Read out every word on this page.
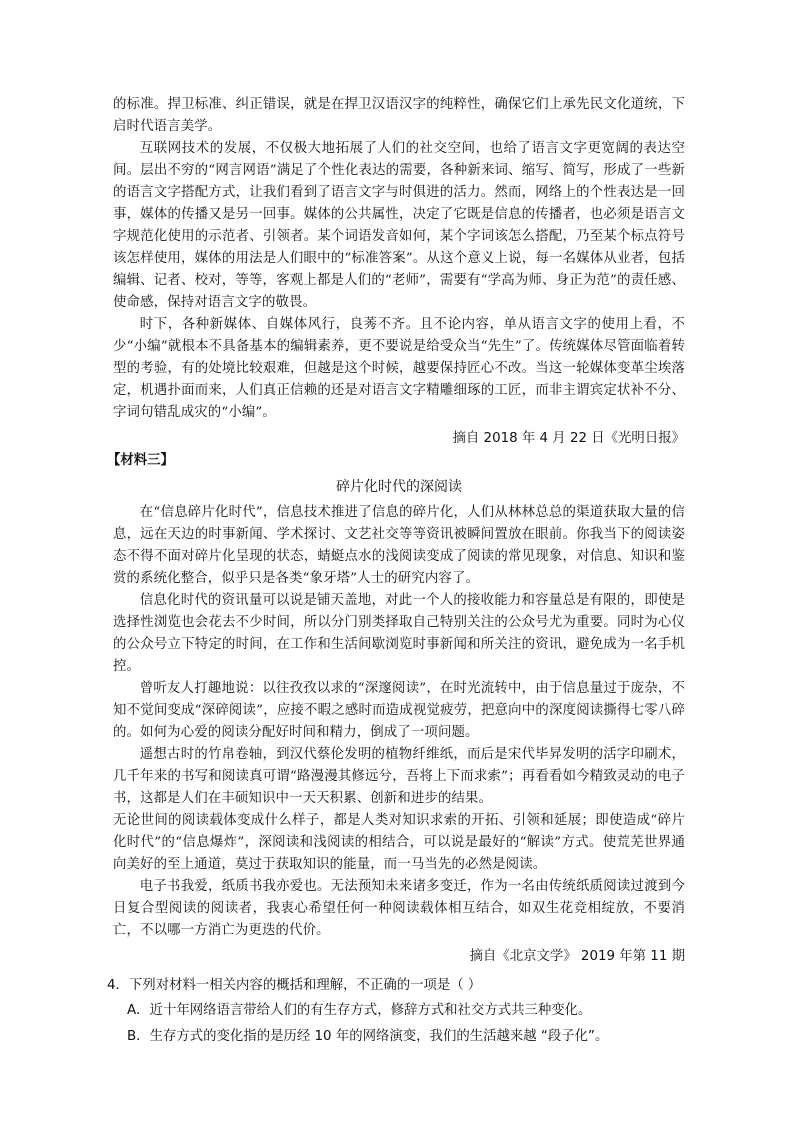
的标准。捍卫标准、纠正错误，就是在捍卫汉语汉字的纯粹性，确保它们上承先民文化道统，下启时代语言美学。

互联网技术的发展，不仅极大地拓展了人们的社交空间，也给了语言文字更宽阔的表达空间。层出不穷的“网言网语”满足了个性化表达的需要，各种新来词、缩写、简写，形成了一些新的语言文字搭配方式，让我们看到了语言文字与时俱进的活力。然而，网络上的个性表达是一回事，媒体的传播又是另一回事。媒体的公共属性，决定了它既是信息的传播者，也必须是语言文字规范化使用的示范者、引领者。某个词语发音如何，某个字词该怎么搭配，乃至某个标点符号该怎样使用，媒体的用法是人们眼中的“标准答案”。从这个意义上说，每一名媒体从业者，包括编辑、记者、校对，等等，客观上都是人们的“老师”，需要有“学高为师、身正为范”的责任感、使命感，保持对语言文字的敬畏。

时下，各种新媒体、自媒体风行，良莠不齐。且不论内容，单从语言文字的使用上看，不少“小编”就根本不具备基本的编辑素养，更不要说是给受众当“先生”了。传统媒体尽管面临着转型的考验，有的处境比较艰难，但越是这个时候，越要保持匠心不改。当这一轮媒体变革尘埃落定，机遇扑面而来，人们真正信赖的还是对语言文字精雕细琢的工匠，而非主谓宾定状补不分、字词句错乱成灾的“小编”。

摘自 2018 年 4 月 22 日《光明日报》

【材料三】

碎片化时代的深阅读

在“信息碎片化时代”，信息技术推进了信息的碎片化，人们从林林总总的渠道获取大量的信息，远在天边的时事新闻、学术探讨、文艺社交等等资讯被瞬间置放在眼前。你我当下的阅读姿态不得不面对碎片化呈现的状态，蜻蜓点水的浅阅读变成了阅读的常见现象，对信息、知识和鉴赏的系统化整合，似乎只是各类“象牙塔”人士的研究内容了。

信息化时代的资讯量可以说是铺天盖地，对此一个人的接收能力和容量总是有限的，即使是选择性浏览也会花去不少时间，所以分门别类择取自己特别关注的公众号尤为重要。同时为心仪的公众号立下特定的时间，在工作和生活间歇浏览时事新闻和所关注的资讯，避免成为一名手机控。

曾听友人打趣地说：以往孜孜以求的“深邃阅读”，在时光流转中，由于信息量过于庞杂，不知不觉间变成“深碎阅读”，应接不暇之感时而造成视觉疲劳，把意向中的深度阅读撕得七零八碎的。如何为心爱的阅读分配好时间和精力，倒成了一项问题。

遥想古时的竹帛卷轴，到汉代蔡伦发明的植物纤维纸，而后是宋代毕昇发明的活字印刷术，几千年来的书写和阅读真可谓“路漫漫其修远兮，吾将上下而求索”；再看看如今精致灵动的电子书，这都是人们在丰硕知识中一天天积累、创新和进步的结果。

无论世间的阅读载体变成什么样子，都是人类对知识求索的开拓、引领和延展；即使造成“碎片化时代”的“信息爆炸”，深阅读和浅阅读的相结合，可以说是最好的“解读”方式。使荒芜世界通向美好的至上通道，莫过于获取知识的能量，而一马当先的必然是阅读。

电子书我爱，纸质书我亦爱也。无法预知未来诸多变迁，作为一名由传统纸质阅读过渡到今日复合型阅读的阅读者，我衷心希望任何一种阅读载体相互结合，如双生花竞相绽放，不要消亡，不以哪一方消亡为更迭的代价。

摘自《北京文学》 2019 年第 11 期

4．下列对材料一相关内容的概括和理解，不正确的一项是（ ）

A．近十年网络语言带给人们的有生存方式，修辞方式和社交方式共三种变化。

B．生存方式的变化指的是历经 10 年的网络演变，我们的生活越来越 “段子化”。
